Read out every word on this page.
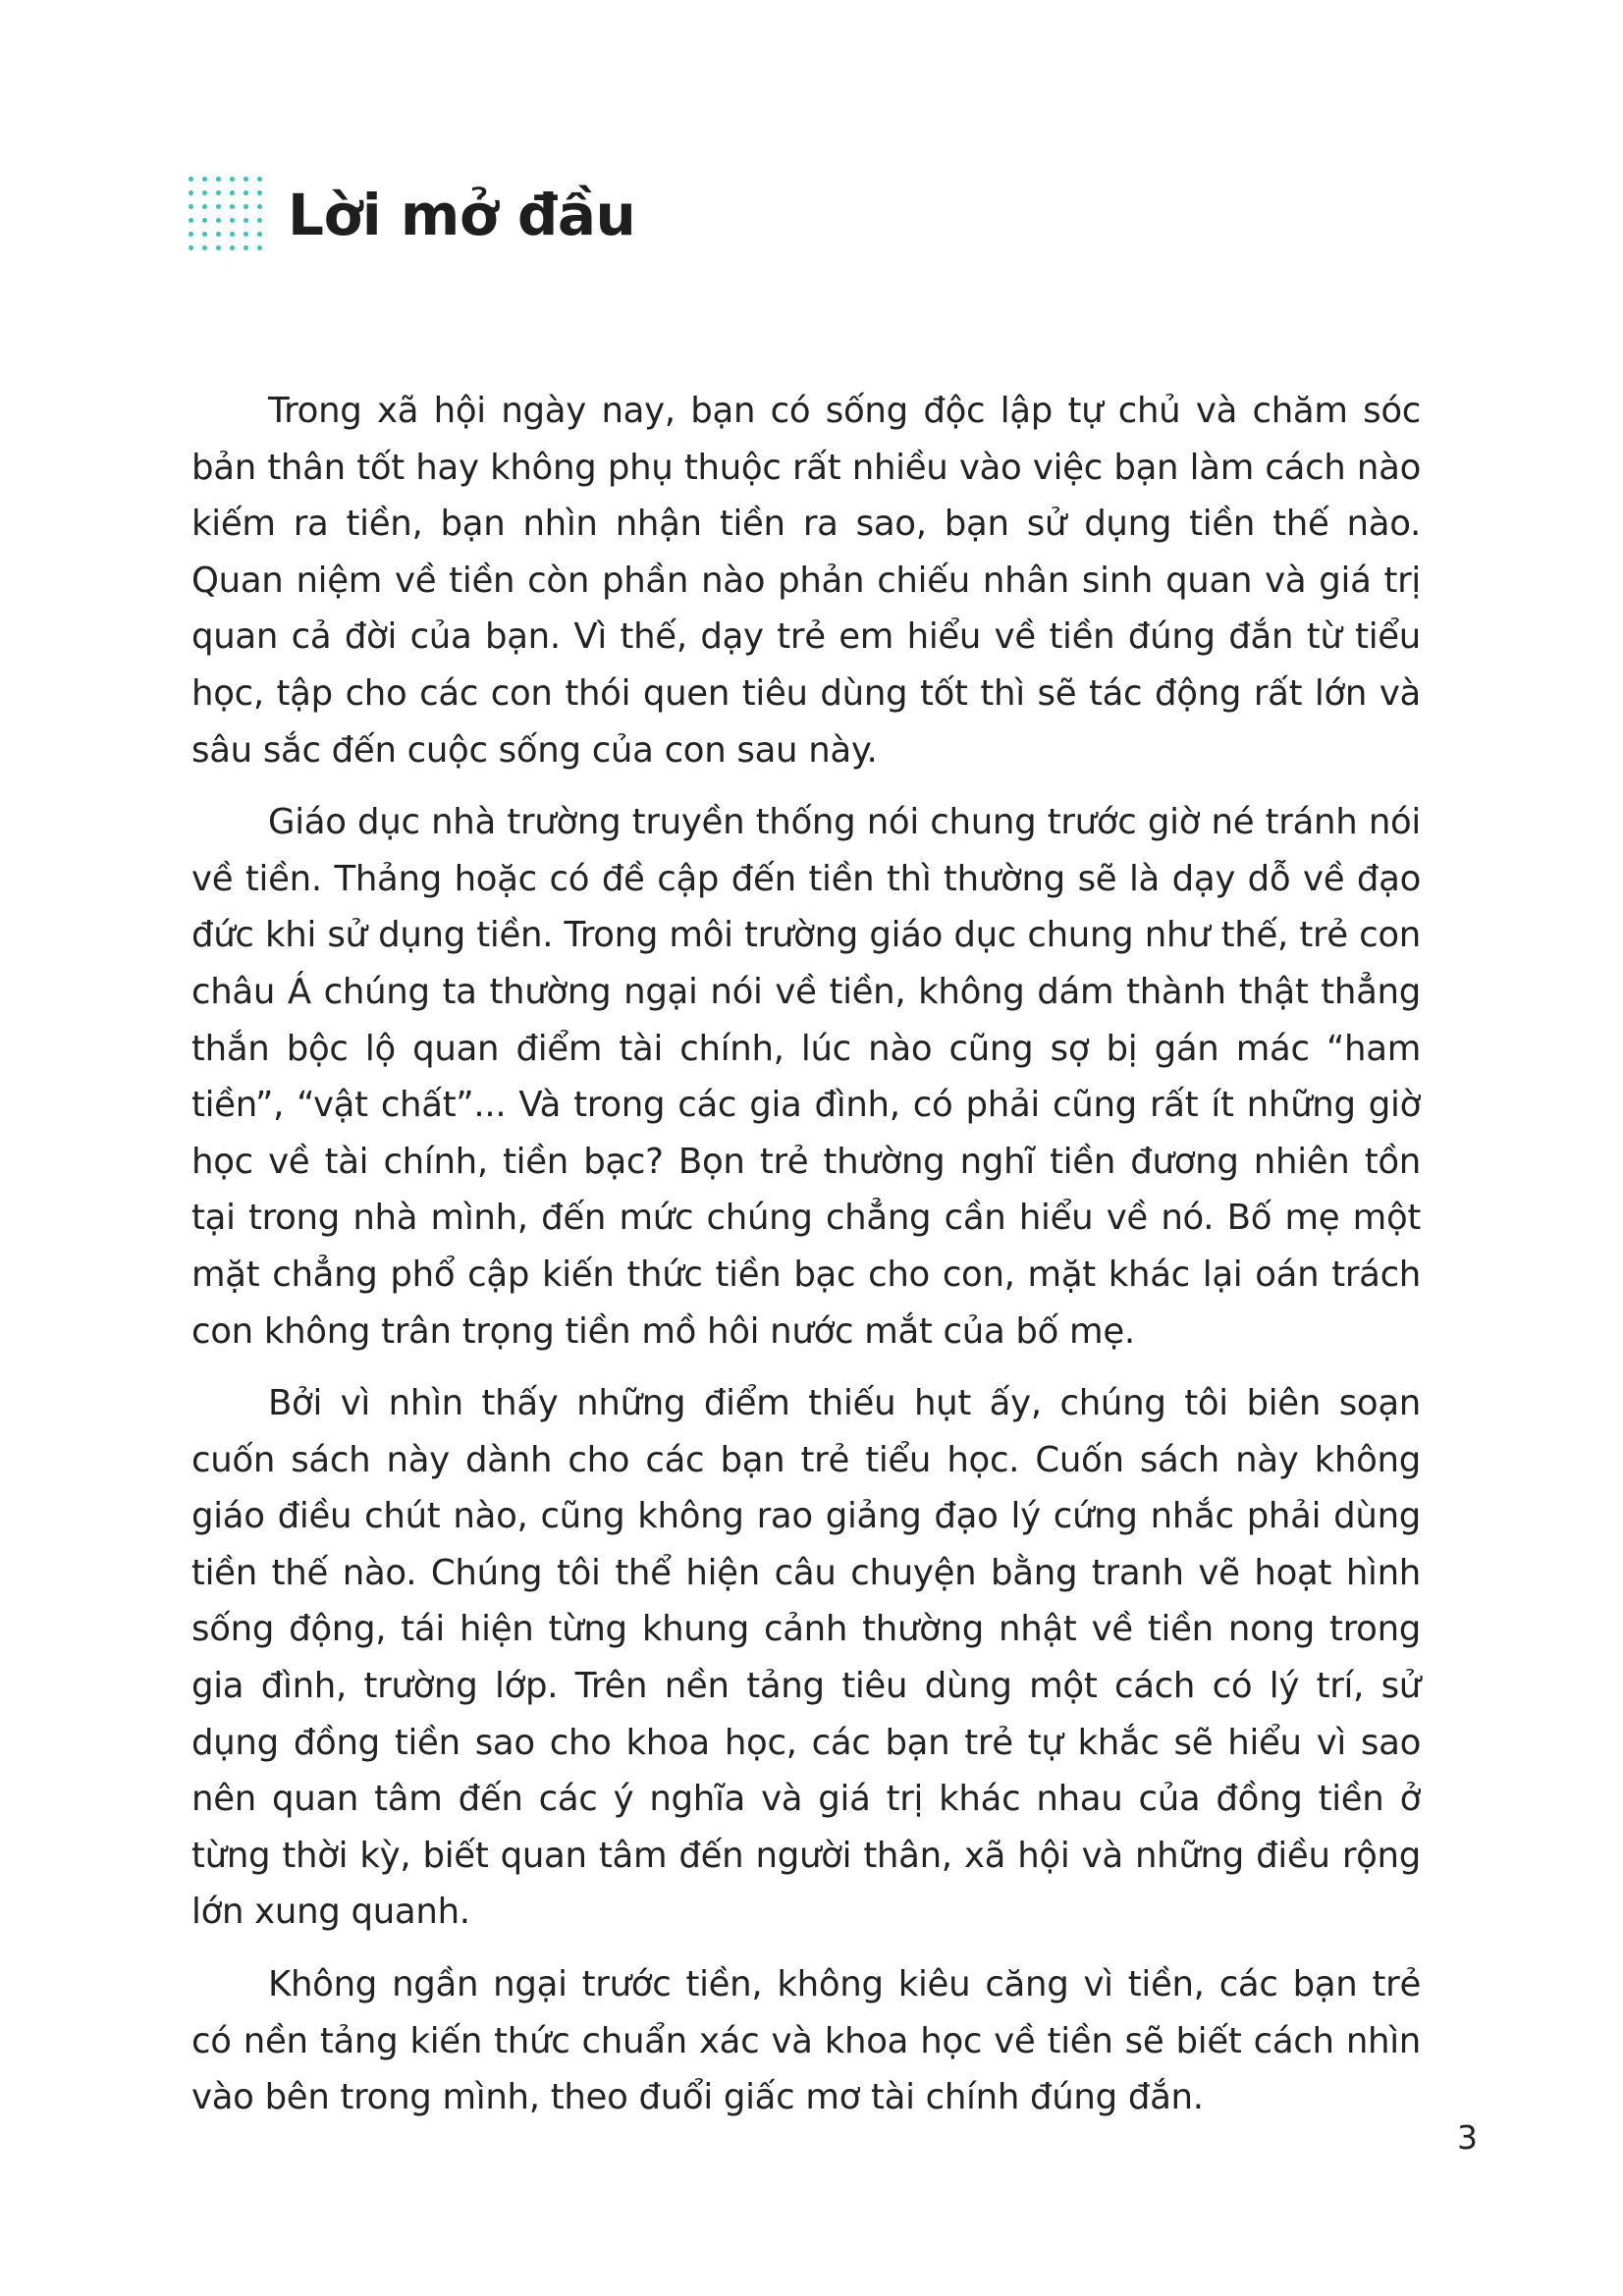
Lời mở đầu

Trong xã hội ngày nay, bạn có sống độc lập tự chủ và chăm sóc bản thân tốt hay không phụ thuộc rất nhiều vào việc bạn làm cách nào kiếm ra tiền, bạn nhìn nhận tiền ra sao, bạn sử dụng tiền thế nào. Quan niệm về tiền còn phần nào phản chiếu nhân sinh quan và giá trị quan cả đời của bạn. Vì thế, dạy trẻ em hiểu về tiền đúng đắn từ tiểu học, tập cho các con thói quen tiêu dùng tốt thì sẽ tác động rất lớn và sâu sắc đến cuộc sống của con sau này.

Giáo dục nhà trường truyền thống nói chung trước giờ né tránh nói về tiền. Thảng hoặc có đề cập đến tiền thì thường sẽ là dạy dỗ về đạo đức khi sử dụng tiền. Trong môi trường giáo dục chung như thế, trẻ con châu Á chúng ta thường ngại nói về tiền, không dám thành thật thẳng thắn bộc lộ quan điểm tài chính, lúc nào cũng sợ bị gán mác “ham tiền”, “vật chất”... Và trong các gia đình, có phải cũng rất ít những giờ học về tài chính, tiền bạc? Bọn trẻ thường nghĩ tiền đương nhiên tồn tại trong nhà mình, đến mức chúng chẳng cần hiểu về nó. Bố mẹ một mặt chẳng phổ cập kiến thức tiền bạc cho con, mặt khác lại oán trách con không trân trọng tiền mồ hôi nước mắt của bố mẹ.

Bởi vì nhìn thấy những điểm thiếu hụt ấy, chúng tôi biên soạn cuốn sách này dành cho các bạn trẻ tiểu học. Cuốn sách này không giáo điều chút nào, cũng không rao giảng đạo lý cứng nhắc phải dùng tiền thế nào. Chúng tôi thể hiện câu chuyện bằng tranh vẽ hoạt hình sống động, tái hiện từng khung cảnh thường nhật về tiền nong trong gia đình, trường lớp. Trên nền tảng tiêu dùng một cách có lý trí, sử dụng đồng tiền sao cho khoa học, các bạn trẻ tự khắc sẽ hiểu vì sao nên quan tâm đến các ý nghĩa và giá trị khác nhau của đồng tiền ở từng thời kỳ, biết quan tâm đến người thân, xã hội và những điều rộng lớn xung quanh.

Không ngần ngại trước tiền, không kiêu căng vì tiền, các bạn trẻ có nền tảng kiến thức chuẩn xác và khoa học về tiền sẽ biết cách nhìn vào bên trong mình, theo đuổi giấc mơ tài chính đúng đắn.

3
